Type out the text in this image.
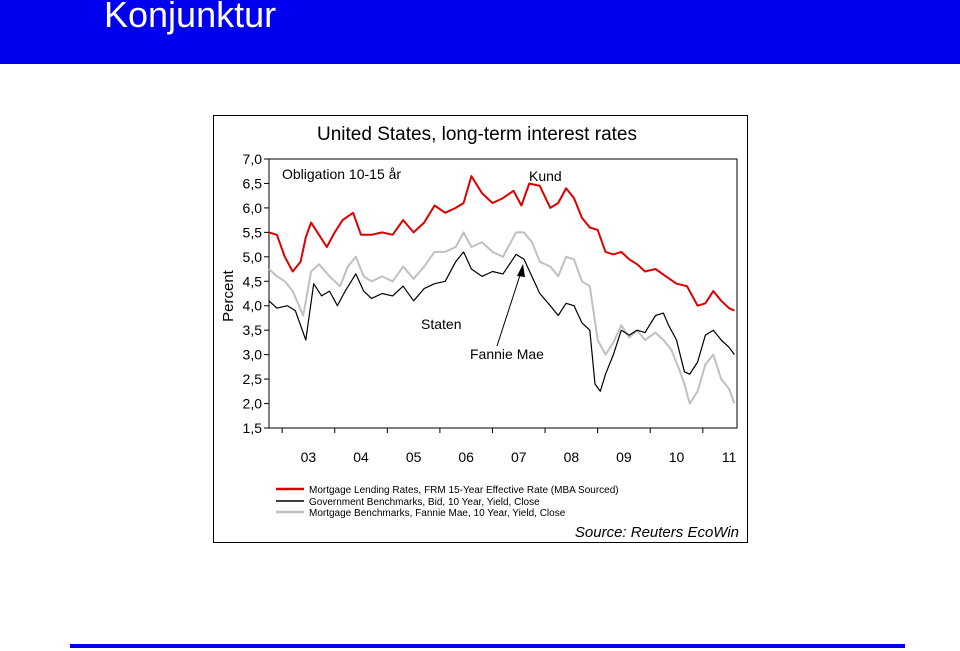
Konjunktur
United States, long-term interest rates
Percent
7,0
6,5
6,0
5,5
5,0
4,5
4,0
3,5
3,0
2,5
2,0
1,5
03	04	05	06	07	08	09	10	11
Obligation 10-15 år	Kund
Staten
Fannie Mae
Mortgage Lending Rates, FRM 15-Year Effective Rate (MBA Sourced)
Government Benchmarks, Bid, 10 Year, Yield, Close
Mortgage Benchmarks, Fannie Mae, 10 Year, Yield, Close
Source: Reuters EcoWin
